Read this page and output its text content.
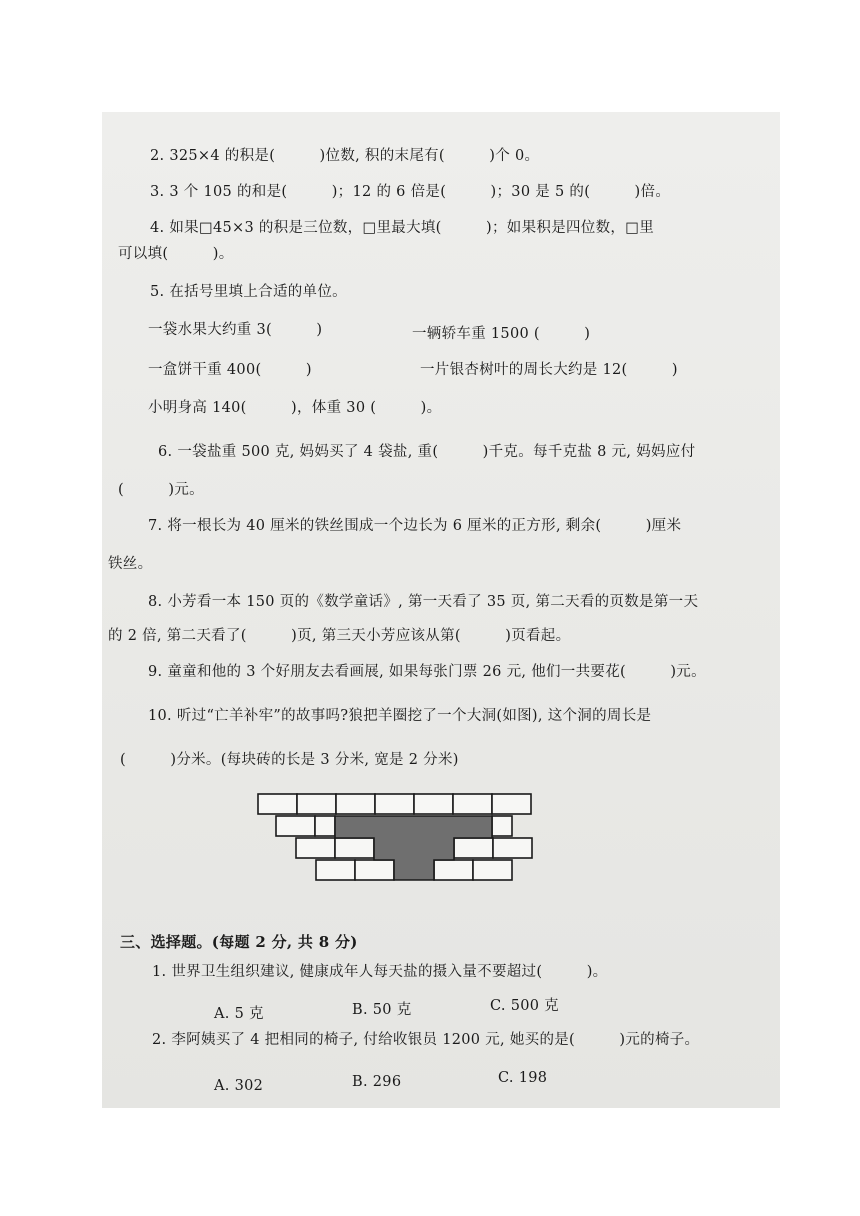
2. 325×4 的积是(　　　)位数, 积的末尾有(　　　)个 0。
3. 3 个 105 的和是(　　　)；12 的 6 倍是(　　　)；30 是 5 的(　　　)倍。
4. 如果□45×3 的积是三位数，□里最大填(　　　)；如果积是四位数，□里
可以填(　　　)。
5. 在括号里填上合适的单位。
一袋水果大约重 3(　　　)	一辆轿车重 1500 (　　　)
一盒饼干重 400(　　　)	一片银杏树叶的周长大约是 12(　　　)
小明身高 140(　　　)，体重 30 (　　　)。
6. 一袋盐重 500 克, 妈妈买了 4 袋盐, 重(　　　)千克。每千克盐 8 元, 妈妈应付
(　　　)元。
7. 将一根长为 40 厘米的铁丝围成一个边长为 6 厘米的正方形, 剩余(　　　)厘米
铁丝。
8. 小芳看一本 150 页的《数学童话》, 第一天看了 35 页, 第二天看的页数是第一天
的 2 倍, 第二天看了(　　　)页, 第三天小芳应该从第(　　　)页看起。
9. 童童和他的 3 个好朋友去看画展, 如果每张门票 26 元, 他们一共要花(　　　)元。
10. 听过“亡羊补牢”的故事吗?狼把羊圈挖了一个大洞(如图), 这个洞的周长是
(　　　)分米。(每块砖的长是 3 分米, 宽是 2 分米)
三、选择题。(每题 2 分, 共 8 分)
1. 世界卫生组织建议, 健康成年人每天盐的摄入量不要超过(　　　)。
A. 5 克	B. 50 克	C. 500 克
2. 李阿姨买了 4 把相同的椅子, 付给收银员 1200 元, 她买的是(　　　)元的椅子。
A. 302	B. 296	C. 198
